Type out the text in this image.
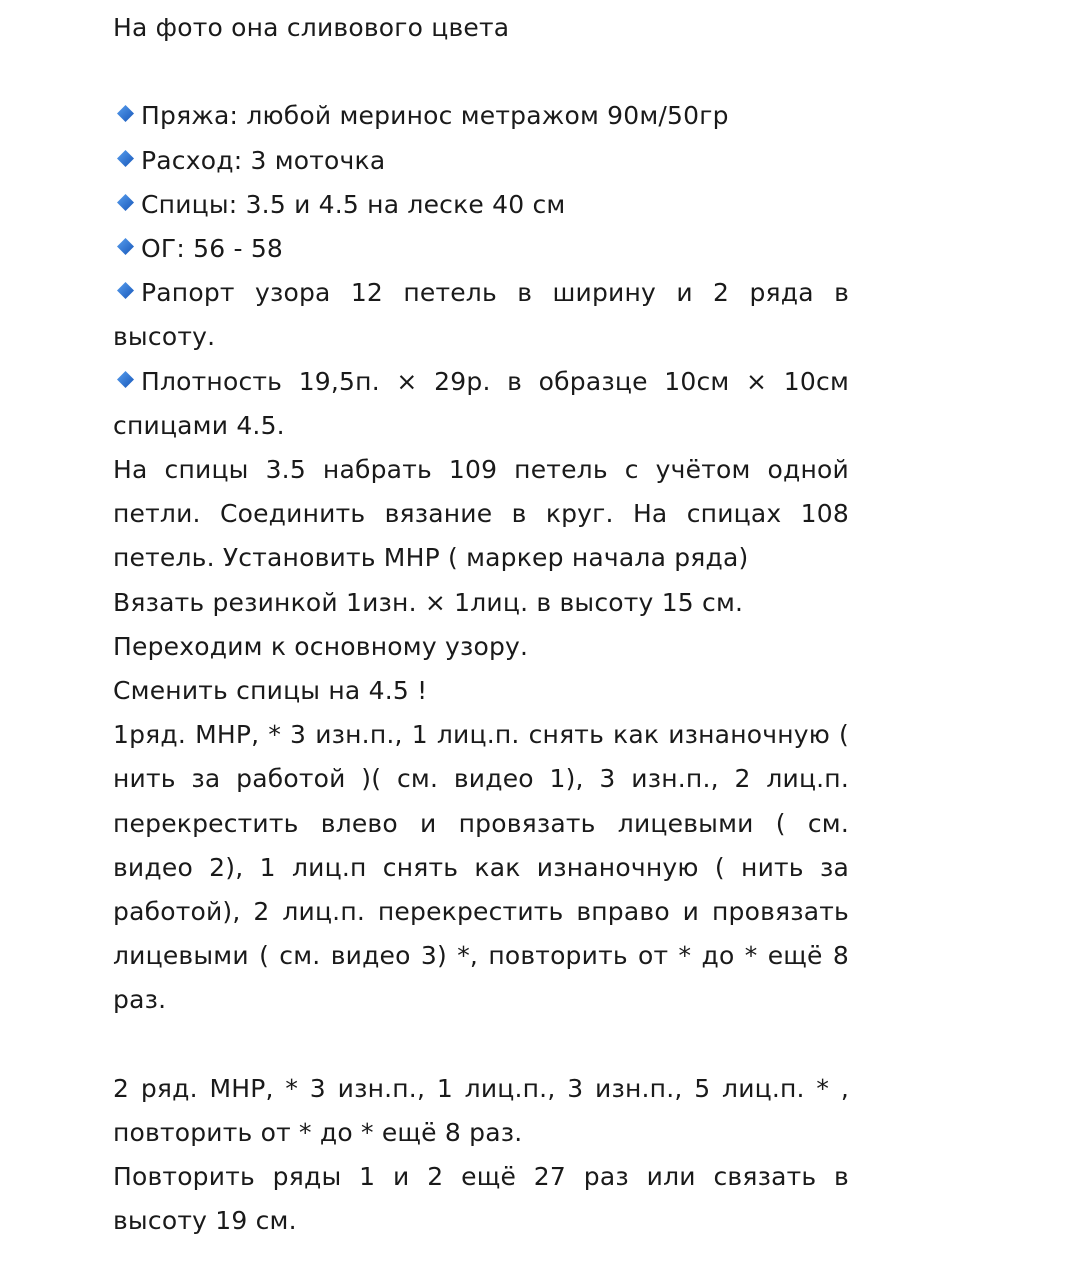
На фото она сливового цвета
Пряжа: любой меринос метражом 90м/50гр
Расход: 3 моточка
Спицы: 3.5 и 4.5 на леске 40 см
ОГ: 56 - 58
Рапорт узора 12 петель в ширину и 2 ряда в высоту.
Плотность 19,5п. × 29р. в образце 10см × 10см спицами 4.5.
На спицы 3.5 набрать 109 петель с учётом одной петли. Соединить вязание в круг. На спицах 108 петель. Установить МНР ( маркер начала ряда)
Вязать резинкой 1изн. × 1лиц. в высоту 15 см.
Переходим к основному узору.
Сменить спицы на 4.5 !
1ряд. МНР, * 3 изн.п., 1 лиц.п. снять как изнаночную ( нить за работой )( см. видео 1), 3 изн.п., 2 лиц.п. перекрестить влево и провязать лицевыми ( см. видео 2), 1 лиц.п снять как изнаночную ( нить за работой), 2 лиц.п. перекрестить вправо и провязать лицевыми ( см. видео 3) *, повторить от * до * ещё 8 раз.
2 ряд. МНР, * 3 изн.п., 1 лиц.п., 3 изн.п., 5 лиц.п. * , повторить от * до * ещё 8 раз.
Повторить ряды 1 и 2 ещё 27 раз или связать в высоту 19 см.
